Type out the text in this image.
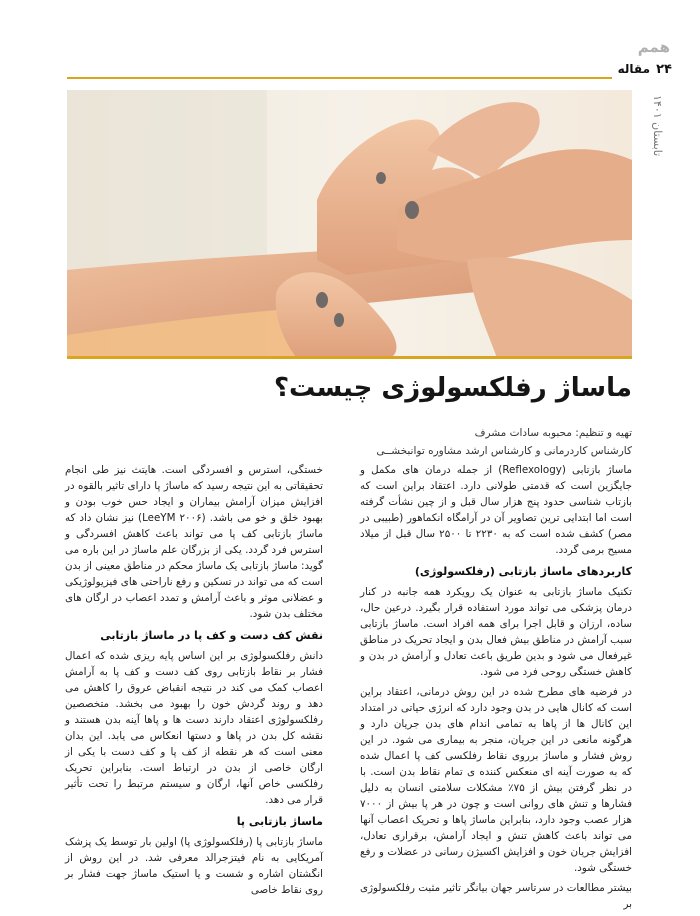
همم
مقاله ۲۴
تابستان ۱۴۰۱
ماساژ رفلکسولوژی چیست؟
تهیه و تنظیم: محبوبه سادات مشرف
کارشناس کاردرمانی و کارشناس ارشد مشاوره توانبخشــی

ماساژ بازتابی (Reflexology) از جمله درمان های مکمل و جایگزین است که قدمتی طولانی دارد. اعتقاد براین است که بازتاب شناسی حدود پنج هزار سال قبل و از چین نشأت گرفته است اما ابتدایی ترین تصاویر آن در آرامگاه انکماهور (طبیبی در مصر) کشف شده است که به ۲۲۳۰ تا ۲۵۰۰ سال قبل از میلاد مسیح برمی گردد.

کاربردهای ماساژ بازتابی (رفلکسولوژی)

تکنیک ماساژ بازتابی به عنوان یک رویکرد همه جانبه در کنار درمان پزشکی می تواند مورد استفاده قرار بگیرد. درعین حال، ساده، ارزان و قابل اجرا برای همه افراد است. ماساژ بازتابی سبب آرامش در مناطق بیش فعال بدن و ایجاد تحریک در مناطق غیرفعال می شود و بدین طریق باعث تعادل و آرامش در بدن و کاهش خستگی روحی فرد می شود.

در فرضیه های مطرح شده در این روش درمانی، اعتقاد براین است که کانال هایی در بدن وجود دارد که انرژی حیاتی در امتداد این کانال ها از پاها به تمامی اندام های بدن جریان دارد و هرگونه مانعی در این جریان، منجر به بیماری می شود. در این روش فشار و ماساژ برروی نقاط رفلکسی کف پا اعمال شده که به صورت آینه ای منعکس کننده ی تمام نقاط بدن است. با در نظر گرفتن بیش از ۷۵٪ مشکلات سلامتی انسان به دلیل فشارها و تنش های روانی است و چون در هر پا بیش از ۷۰۰۰ هزار عصب وجود دارد، بنابراین ماساژ پاها و تحریک اعصاب آنها می تواند باعث کاهش تنش و ایجاد آرامش، برقراری تعادل، افزایش جریان خون و افزایش اکسیژن رسانی در عضلات و رفع خستگی شود.

بیشتر مطالعات در سرتاسر جهان بیانگر تاثیر مثبت رفلکسولوژی بر

خستگی، استرس و افسردگی است. هایتث نیز طی انجام تحقیقاتی به این نتیجه رسید که ماساژ پا دارای تاثیر بالقوه در افزایش میزان آرامش بیماران و ایجاد حس خوب بودن و بهبود خلق و خو می باشد. (LeeYM ۲۰۰۶) نیز نشان داد که ماساژ بازتابی کف پا می تواند باعث کاهش افسردگی و استرس فرد گردد. یکی از بزرگان علم ماساژ در این باره می گوید: ماساژ بازتابی یک ماساژ محکم در مناطق معینی از بدن است که می تواند در تسکین و رفع ناراحتی های فیزیولوژیکی و عضلانی موثر و باعث آرامش و تمدد اعصاب در ارگان های مختلف بدن شود.

نقش کف دست و کف پا در ماساژ بازتابی

دانش رفلکسولوژی بر این اساس پایه ریزی شده که اعمال فشار بر نقاط بازتابی روی کف دست و کف پا به آرامش اعصاب کمک می کند در نتیجه انقباض عروق را کاهش می دهد و روند گردش خون را بهبود می بخشد. متخصصین رفلکسولوژی اعتقاد دارند دست ها و پاها آینه بدن هستند و نقشه کل بدن در پاها و دستها انعکاس می یابد. این بدان معنی است که هر نقطه از کف پا و کف دست با یکی از ارگان خاصی از بدن در ارتباط است. بنابراین تحریک رفلکسی خاص آنها، ارگان و سیستم مرتبط را تحت تأثیر قرار می دهد.

ماساژ بازتابی پا

ماساژ بازتابی پا (رفلکسولوژی پا) اولین بار توسط یک پزشک آمریکایی به نام فیتزجرالد معرفی شد. در این روش از انگشتان اشاره و شست و یا استیک ماساژ جهت فشار بر روی نقاط خاصی
